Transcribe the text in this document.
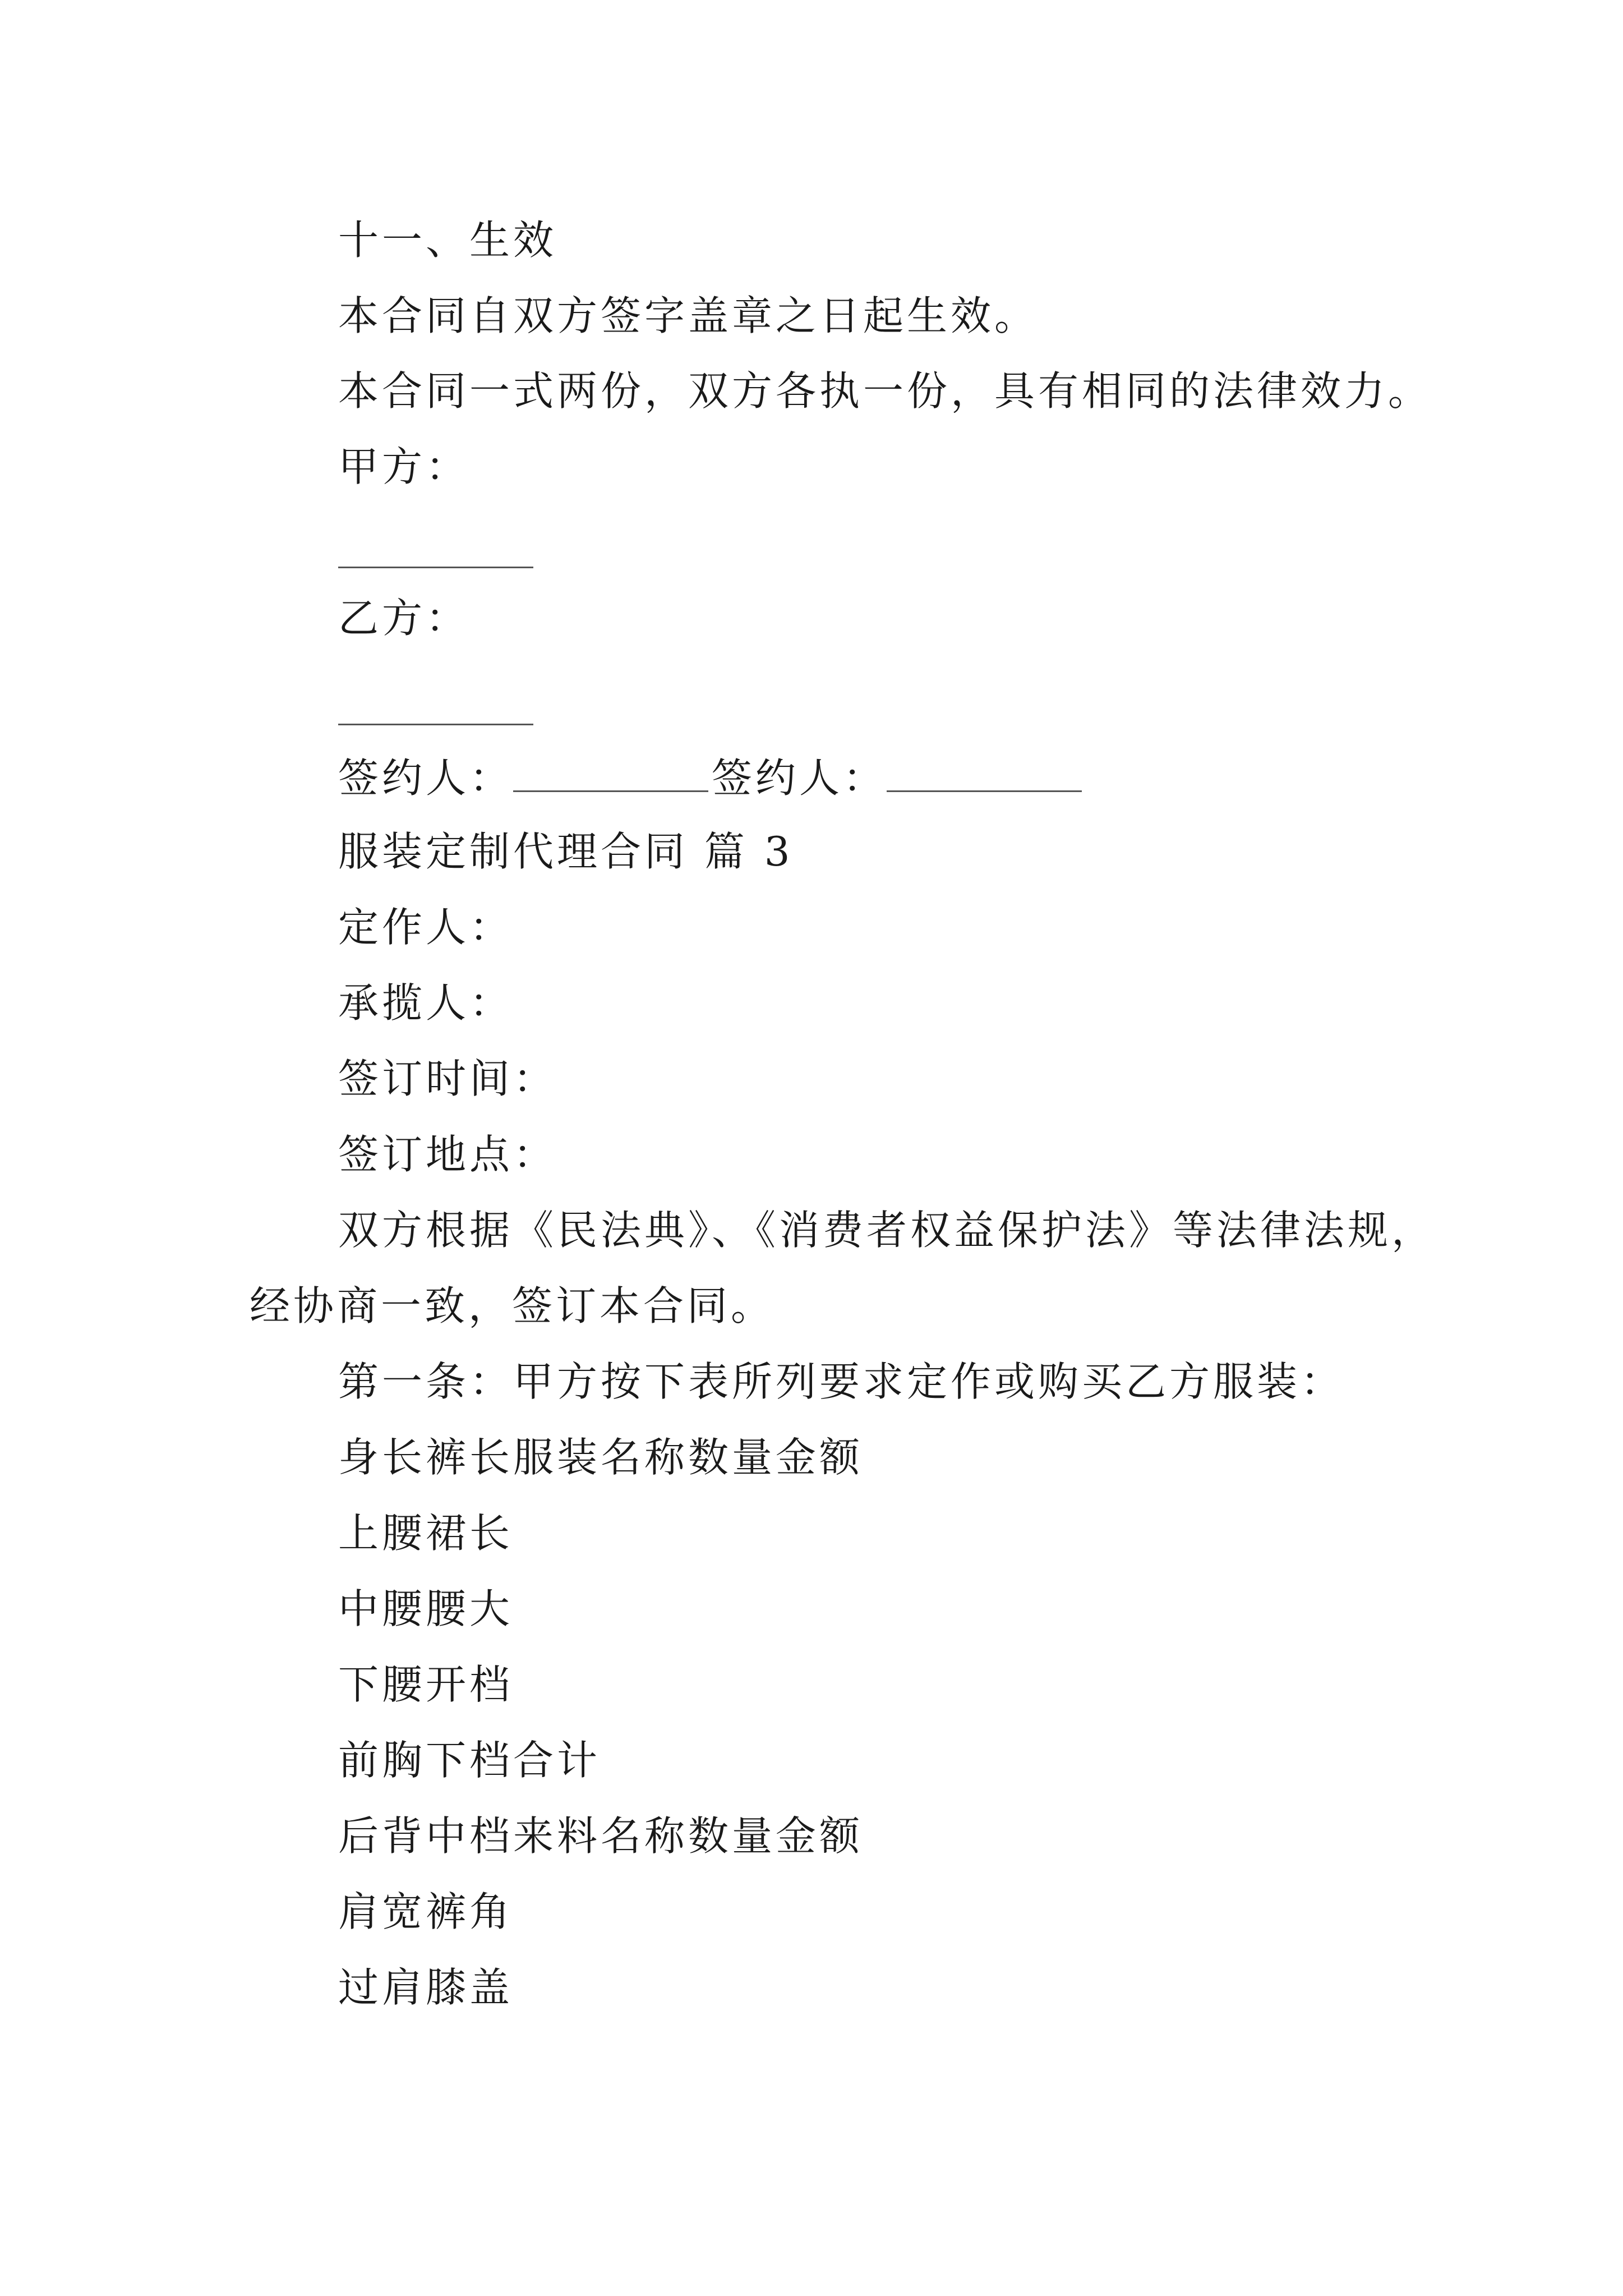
十一、生效
本合同自双方签字盖章之日起生效。
本合同一式两份，双方各执一份，具有相同的法律效力。
甲方：
乙方：
签约人：	签约人：
服装定制代理合同 篇 3
定作人：
承揽人：
签订时间：
签订地点：
双方根据《民法典》、《消费者权益保护法》等法律法规，
经协商一致，签订本合同。
第一条：甲方按下表所列要求定作或购买乙方服装：
身长裤长服装名称数量金额
上腰裙长
中腰腰大
下腰开档
前胸下档合计
后背中档来料名称数量金额
肩宽裤角
过肩膝盖
